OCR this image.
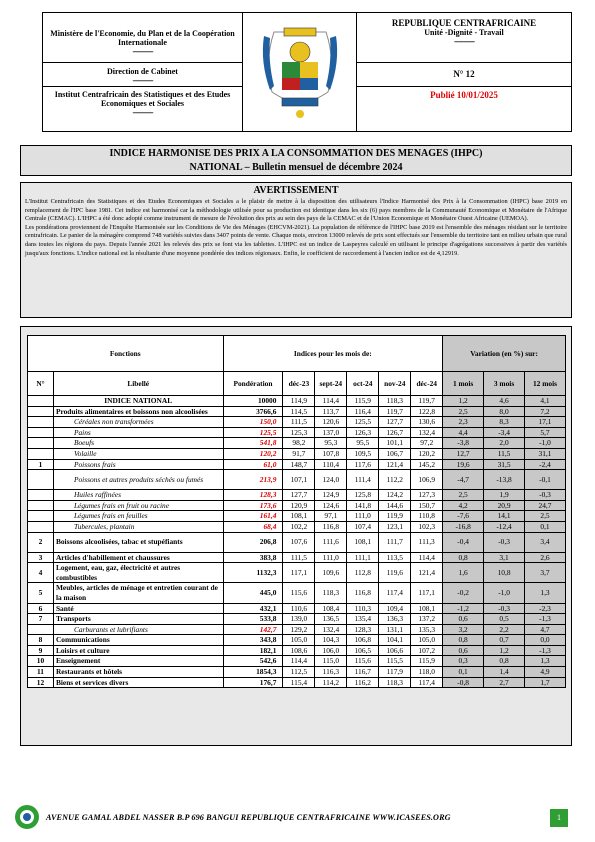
Ministère de l'Economie, du Plan et de la Coopération Internationale
------------
Direction de Cabinet
------------
Institut Centrafricain des Statistiques et des Etudes Economiques et Sociales
------------
REPUBLIQUE CENTRAFRICAINE
Unité -Dignité - Travail
------------
N° 12
Publié 10/01/2025
INDICE HARMONISE DES PRIX A LA CONSOMMATION DES MENAGES (IHPC)
NATIONAL – Bulletin mensuel de décembre 2024
AVERTISSEMENT

L'Institut Centrafricain des Statistiques et des Etudes Economiques et Sociales a le plaisir de mettre à la disposition des utilisateurs l'Indice Harmonisé des Prix à la Consommation (IHPC) base 2019 en remplacement de l'IPC base 1981. Cet indice est harmonisé car la méthodologie utilisée pour sa production est identique dans les six (6) pays membres de la Communauté Economique et Monétaire de l'Afrique Centrale (CEMAC). L'IHPC a été donc adopté comme instrument de mesure de l'évolution des prix au sein des pays de la CEMAC et de l'Union Economique et Monétaire Ouest Africaine (UEMOA).

Les pondérations proviennent de l'Enquête Harmonisée sur les Conditions de Vie des Ménages (EHCVM-2021). La population de référence de l'IHPC base 2019 est l'ensemble des ménages résidant sur le territoire centrafricain. Le panier de la ménagère comprend 748 variétés suivies dans 3407 points de vente. Chaque mois, environ 13000 relevés de prix sont effectués sur l'ensemble du territoire tant en milieu urbain que rural dans toutes les régions du pays. Depuis l'année 2021 les relevés des prix se font via les tablettes. L'IHPC est un indice de Laspeyres calculé en utilisant le principe d'agrégations successives à partir des variétés jusqu'aux fonctions. L'indice national est la résultante d'une moyenne pondérée des indices régionaux. Enfin, le coefficient de raccordement à l'ancien indice est de 4,12919.

Fonctions		Indices pour les mois de:						Variation (en %) sur:		
N°	Libellé	Pondération	déc-23	sept-24	oct-24	nov-24	déc-24	1 mois	3 mois	12 mois
	INDICE NATIONAL	10000	114,9	114,4	115,9	118,3	119,7	1,2	4,6	4,1
	Produits alimentaires et boissons non alcoolisées	3766,6	114,5	113,7	116,4	119,7	122,8	2,5	8,0	7,2
	Céréales non transformées	150,0	111,5	120,6	125,5	127,7	130,6	2,3	8,3	17,1
	Pains	125,5	125,3	137,0	126,3	126,7	132,4	4,4	-3,4	5,7
	Boeufs	541,8	98,2	95,3	95,5	101,1	97,2	-3,8	2,0	-1,0
	Volaille	120,2	91,7	107,8	109,5	106,7	120,2	12,7	11,5	31,1
1	Poissons frais	61,0	148,7	110,4	117,6	121,4	145,2	19,6	31,5	-2,4
	Poissons et autres produits séchés ou fumés	213,9	107,1	124,0	111,4	112,2	106,9	-4,7	-13,8	-0,1
	Huiles raffinées	128,3	127,7	124,9	125,8	124,2	127,3	2,5	1,9	-0,3
	Légumes frais en fruit ou racine	173,6	120,9	124,6	141,8	144,6	150,7	4,2	20,9	24,7
	Légumes frais en feuilles	161,4	108,1	97,1	111,0	119,9	110,8	-7,6	14,1	2,5
	Tubercules, plantain	68,4	102,2	116,8	107,4	123,1	102,3	-16,8	-12,4	0,1
2	Boissons alcoolisées, tabac et stupéfiants	206,8	107,6	111,6	108,1	111,7	111,3	-0,4	-0,3	3,4
3	Articles d'habillement et chaussures	383,8	111,5	111,0	111,1	113,5	114,4	0,8	3,1	2,6
4	Logement, eau, gaz, électricité et autres combustibles	1132,3	117,1	109,6	112,8	119,6	121,4	1,6	10,8	3,7
5	Meubles, articles de ménage et entretien courant de la maison	445,0	115,6	118,3	116,8	117,4	117,1	-0,2	-1,0	1,3
6	Santé	432,1	110,6	108,4	110,3	109,4	108,1	-1,2	-0,3	-2,3
7	Transports	533,8	139,0	136,5	135,4	136,3	137,2	0,6	0,5	-1,3
	Carburants et lubrifiants	142,7	129,2	132,4	128,3	131,1	135,3	3,2	2,2	4,7
8	Communications	343,8	105,0	104,3	106,8	104,1	105,0	0,8	0,7	0,0
9	Loisirs et culture	182,1	108,6	106,0	106,5	106,6	107,2	0,6	1,2	-1,3
10	Enseignement	542,6	114,4	115,0	115,6	115,5	115,9	0,3	0,8	1,3
11	Restaurants et hôtels	1854,3	112,5	116,3	116,7	117,9	118,0	0,1	1,4	4,9
12	Biens et services divers	176,7	115,4	114,2	116,2	118,3	117,4	-0,8	2,7	1,7
AVENUE GAMAL ABDEL NASSER B.P 696 BANGUI REPUBLIQUE CENTRAFRICAINE WWW.ICASEES.ORG	1
